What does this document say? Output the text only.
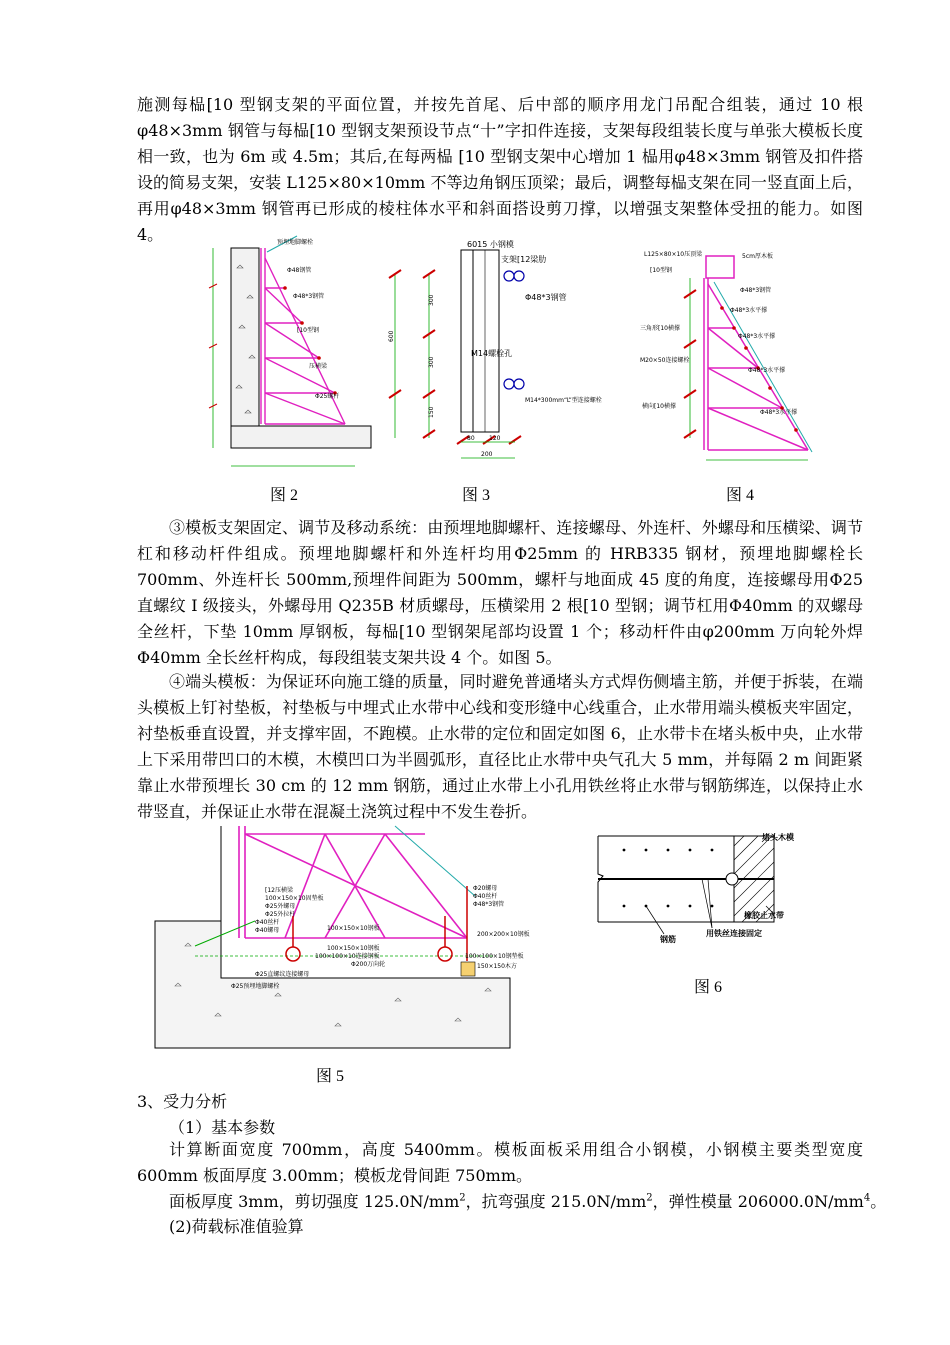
施测每榀[10 型钢支架的平面位置，并按先首尾、后中部的顺序用龙门吊配合组装，通过 10 根φ48×3mm 钢管与每榀[10 型钢支架预设节点“十”字扣件连接，支架每段组装长度与单张大模板长度相一致，也为 6m 或 4.5m；其后,在每两榀 [10 型钢支架中心增加 1 榀用φ48×3mm 钢管及扣件搭设的简易支架，安装 L125×80×10mm 不等边角钢压顶梁；最后，调整每榀支架在同一竖直面上后，再用φ48×3mm 钢管再已形成的棱柱体水平和斜面搭设剪刀撑，以增强支架整体受扭的能力。如图 4。	预埋地脚螺栓
Φ48钢管
Φ48*3钢管
[10型钢
压横梁
Φ25螺杆
6015 小钢模
支架[12梁肋
Φ48*3钢管
M14螺栓孔
M14*300mm“L”型连接螺栓
300
300
150
600
80 120
200
L125×80×10压顶梁	5cm厚木板
[10型钢
Φ48*3钢管
Φ48*3水平撑
三角形[10横撑
Φ48*3水平撑
M20×50连接螺栓
Φ48*3水平撑
横向[10横撑
Φ48*3水平撑
图 2	图 3	图 4

③模板支架固定、调节及移动系统：由预埋地脚螺杆、连接螺母、外连杆、外螺母和压横梁、调节杠和移动杆件组成。预埋地脚螺杆和外连杆均用Φ25mm 的 HRB335 钢材，预埋地脚螺栓长700mm、外连杆长 500mm,预埋件间距为 500mm，螺杆与地面成 45 度的角度，连接螺母用Φ25 直螺纹 I 级接头，外螺母用 Q235B 材质螺母，压横梁用 2 根[10 型钢；调节杠用Φ40mm 的双螺母全丝杆，下垫 10mm 厚钢板，每榀[10 型钢架尾部均设置 1 个；移动杆件由φ200mm 万向轮外焊Φ40mm 全长丝杆构成，每段组装支架共设 4 个。如图 5。

④端头模板：为保证环向施工缝的质量，同时避免普通堵头方式焊伤侧墙主筋，并便于拆装，在端头模板上钉衬垫板，衬垫板与中埋式止水带中心线和变形缝中心线重合，止水带用端头模板夹牢固定，衬垫板垂直设置，并支撑牢固，不跑模。止水带的定位和固定如图 6，止水带卡在堵头板中央，止水带上下采用带凹口的木模，木模凹口为半圆弧形，直径比止水带中央气孔大 5 mm，并每隔 2 m 间距紧靠止水带预埋长 30 cm 的 12 mm 钢筋，通过止水带上小孔用铁丝将止水带与钢筋绑连，以保持止水带竖直，并保证止水带在混凝土浇筑过程中不发生卷折。

[12压横梁
100×150×10固垫板
Φ25外螺母
Φ25外拉杆
Φ40丝杆
Φ40螺母	100×150×10钢板
100×150×10钢板
100×100×10连接钢板
Φ200万向轮
Φ25直螺纹连接螺母
Φ25预埋地脚螺栓
Φ20螺母
Φ40丝杆
Φ48*3钢管
200×200×10钢板
100×100×10钢垫板
150×150木方
堵头木模
橡胶止水带
钢筋
用铁丝连接固定
图 6
图 5
3、受力分析
（1）基本参数

计算断面宽度 700mm，高度 5400mm。模板面板采用组合小钢模，小钢模主要类型宽度 600mm 板面厚度 3.00mm；模板龙骨间距 750mm。

面板厚度 3mm，剪切强度 $125.0N/mm^2$，抗弯强度 $215.0N/mm^2$，弹性模量 $206000.0N/mm^4$。
(2)荷载标准值验算
